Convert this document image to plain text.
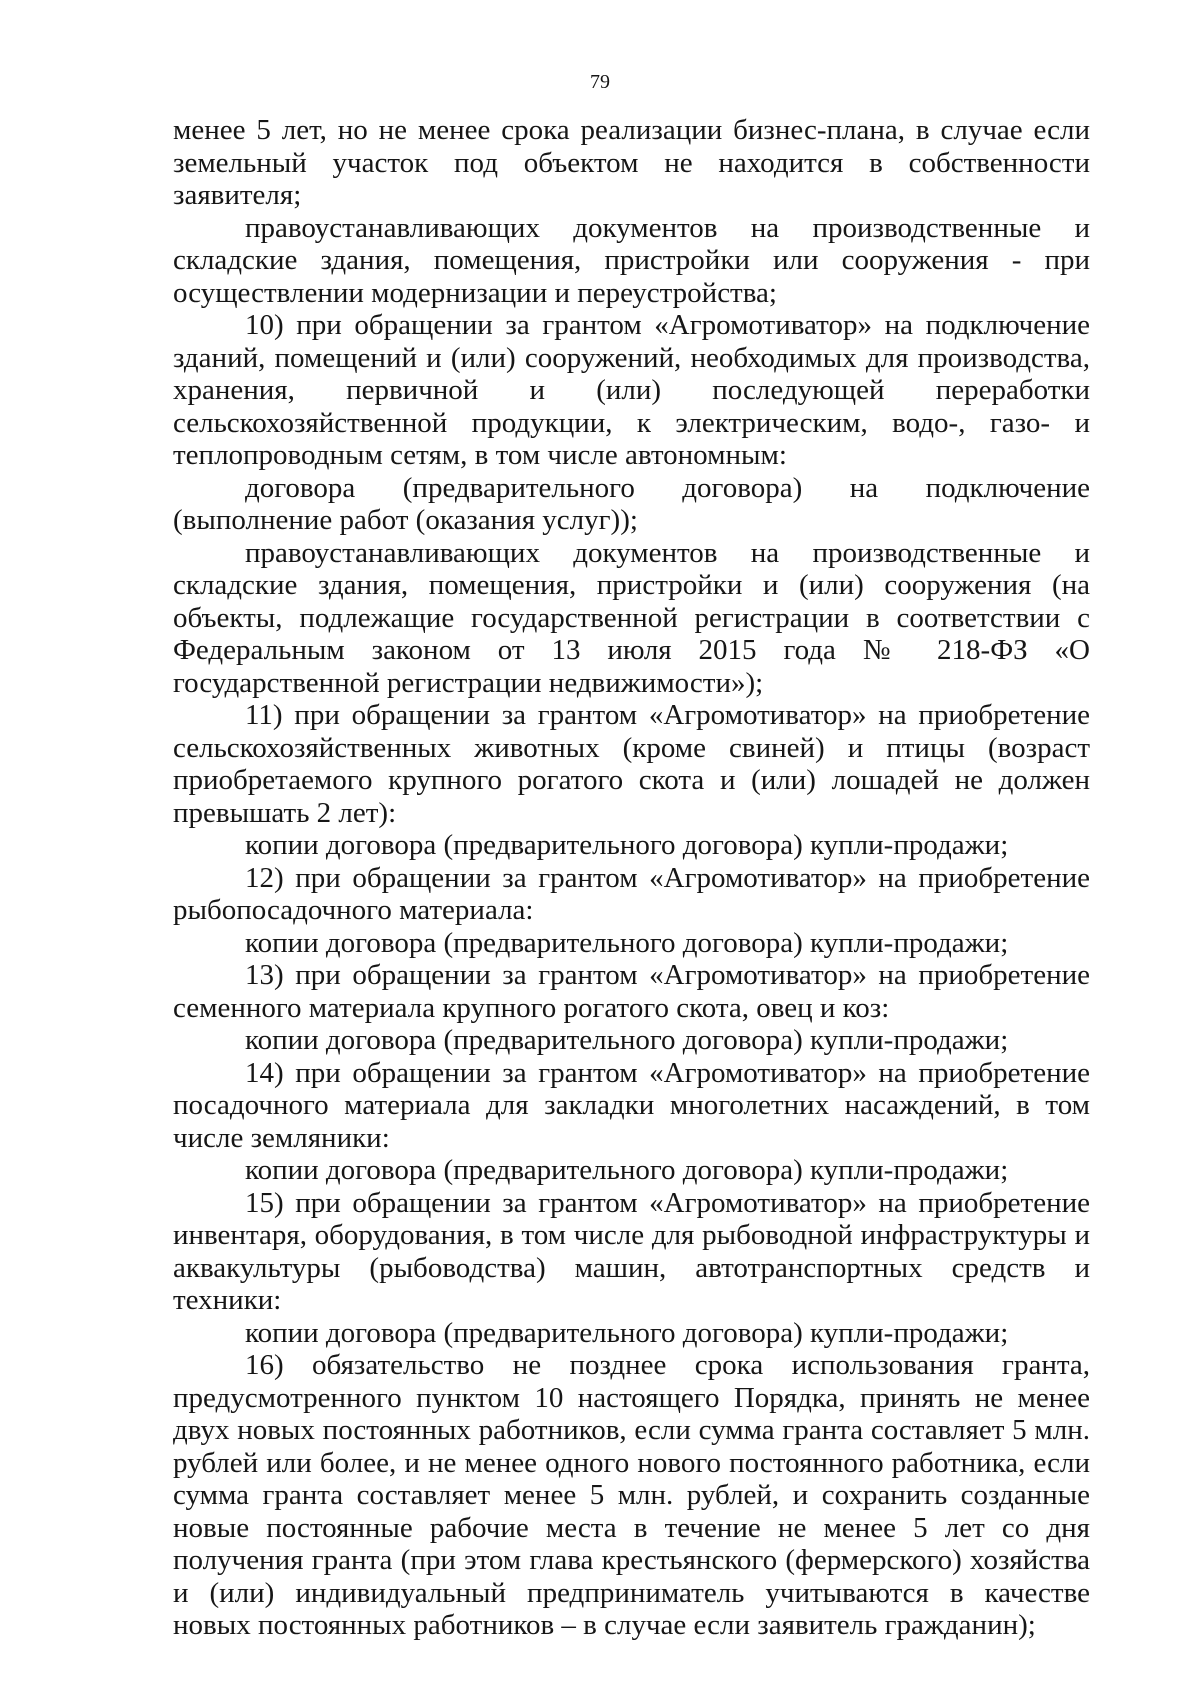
79

менее 5 лет, но не менее срока реализации бизнес-плана, в случае если земельный участок под объектом не находится в собственности заявителя;

правоустанавливающих документов на производственные и складские здания, помещения, пристройки или сооружения - при осуществлении модернизации и переустройства;

10) при обращении за грантом «Агромотиватор» на подключение зданий, помещений и (или) сооружений, необходимых для производства, хранения, первичной и (или) последующей переработки сельскохозяйственной продукции, к электрическим, водо-, газо- и теплопроводным сетям, в том числе автономным:

договора (предварительного договора) на подключение (выполнение работ (оказания услуг));

правоустанавливающих документов на производственные и складские здания, помещения, пристройки и (или) сооружения (на объекты, подлежащие государственной регистрации в соответствии с Федеральным законом от 13 июля 2015 года № 218-ФЗ «О государственной регистрации недвижимости»);

11) при обращении за грантом «Агромотиватор» на приобретение сельскохозяйственных животных (кроме свиней) и птицы (возраст приобретаемого крупного рогатого скота и (или) лошадей не должен превышать 2 лет):

копии договора (предварительного договора) купли-продажи;

12) при обращении за грантом «Агромотиватор» на приобретение рыбопосадочного материала:

копии договора (предварительного договора) купли-продажи;

13) при обращении за грантом «Агромотиватор» на приобретение семенного материала крупного рогатого скота, овец и коз:

копии договора (предварительного договора) купли-продажи;

14) при обращении за грантом «Агромотиватор» на приобретение посадочного материала для закладки многолетних насаждений, в том числе земляники:

копии договора (предварительного договора) купли-продажи;

15) при обращении за грантом «Агромотиватор» на приобретение инвентаря, оборудования, в том числе для рыбоводной инфраструктуры и аквакультуры (рыбоводства) машин, автотранспортных средств и техники:

копии договора (предварительного договора) купли-продажи;

16) обязательство не позднее срока использования гранта, предусмотренного пунктом 10 настоящего Порядка, принять не менее двух новых постоянных работников, если сумма гранта составляет 5 млн. рублей или более, и не менее одного нового постоянного работника, если сумма гранта составляет менее 5 млн. рублей, и сохранить созданные новые постоянные рабочие места в течение не менее 5 лет со дня получения гранта (при этом глава крестьянского (фермерского) хозяйства и (или) индивидуальный предприниматель учитываются в качестве новых постоянных работников – в случае если заявитель гражданин);
